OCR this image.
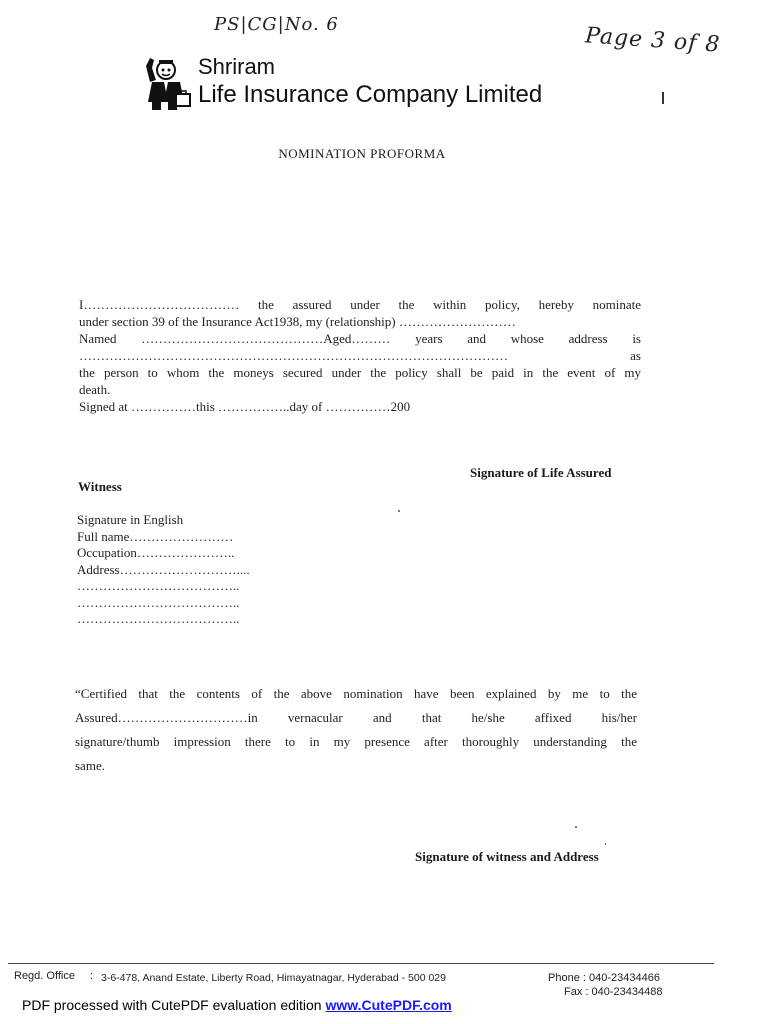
PS|CG|No. 6	Page 3 of 8
Shriram
Life Insurance Company Limited
NOMINATION PROFORMA
I……………………………… the assured under the within policy, hereby nominate
under section 39 of the Insurance Act1938, my (relationship) ………………………
Named ……………………………………Aged……… years and whose address is
……………………………………………………………………………………… as
the person to whom the moneys secured under the policy shall be paid in the event of my
death.
Signed at ……………this ……………..day of ……………200
Signature of Life Assured
Witness
Signature in English
Full name……………………
Occupation…………………..
Address………………………....
………………………………..
………………………………..
………………………………..
“Certified that the contents of the above nomination have been explained by me to the
Assured…………………………in vernacular and that he/she affixed his/her
signature/thumb impression there to in my presence after thoroughly understanding the
same.
Signature of witness and Address
Regd. Office : 3-6-478, Anand Estate, Liberty Road, Himayatnagar, Hyderabad - 500 029	Phone : 040-23434466
Fax : 040-23434488
PDF processed with CutePDF evaluation edition www.CutePDF.com
